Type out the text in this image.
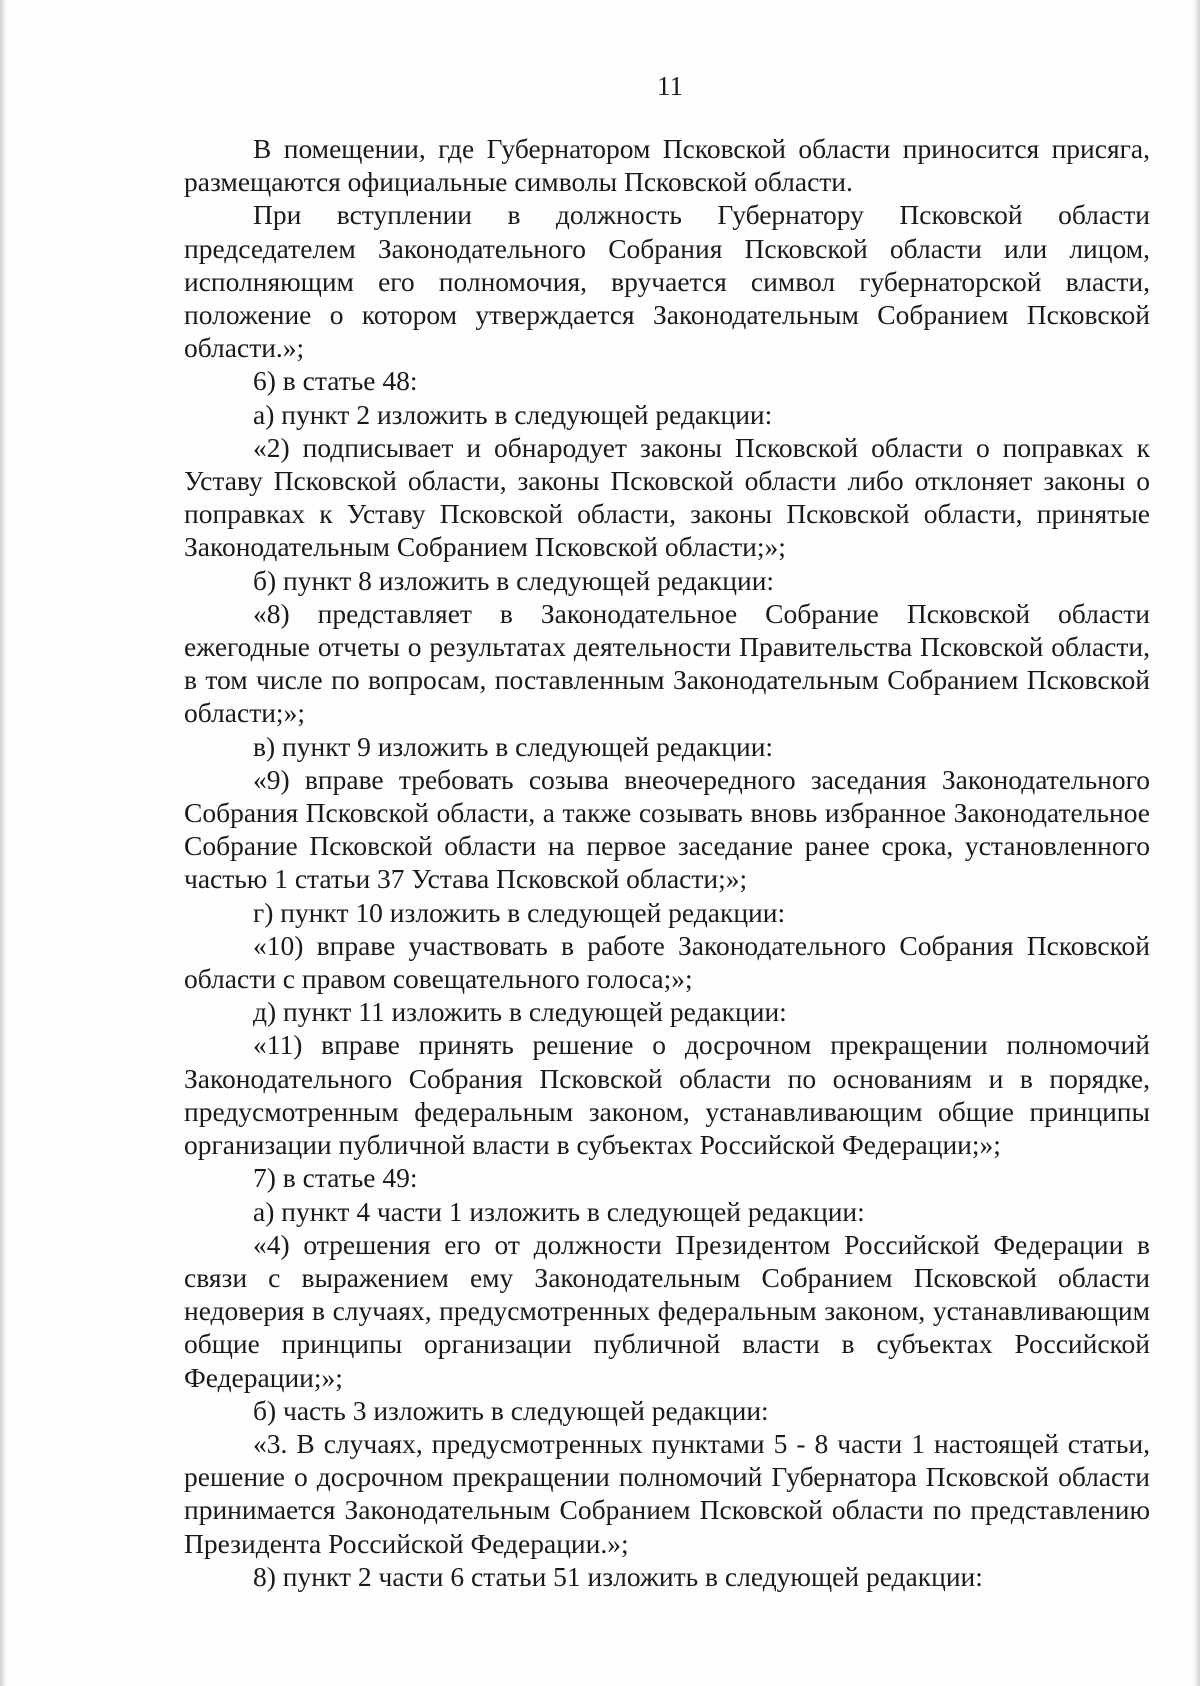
11

В помещении, где Губернатором Псковской области приносится присяга, размещаются официальные символы Псковской области.

При вступлении в должность Губернатору Псковской области председателем Законодательного Собрания Псковской области или лицом, исполняющим его полномочия, вручается символ губернаторской власти, положение о котором утверждается Законодательным Собранием Псковской области.»;

6) в статье 48:

а) пункт 2 изложить в следующей редакции:

«2) подписывает и обнародует законы Псковской области о поправках к Уставу Псковской области, законы Псковской области либо отклоняет законы о поправках к Уставу Псковской области, законы Псковской области, принятые Законодательным Собранием Псковской области;»;

б) пункт 8 изложить в следующей редакции:

«8) представляет в Законодательное Собрание Псковской области ежегодные отчеты о результатах деятельности Правительства Псковской области, в том числе по вопросам, поставленным Законодательным Собранием Псковской области;»;

в) пункт 9 изложить в следующей редакции:

«9) вправе требовать созыва внеочередного заседания Законодательного Собрания Псковской области, а также созывать вновь избранное Законодательное Собрание Псковской области на первое заседание ранее срока, установленного частью 1 статьи 37 Устава Псковской области;»;

г) пункт 10 изложить в следующей редакции:

«10) вправе участвовать в работе Законодательного Собрания Псковской области с правом совещательного голоса;»;

д) пункт 11 изложить в следующей редакции:

«11) вправе принять решение о досрочном прекращении полномочий Законодательного Собрания Псковской области по основаниям и в порядке, предусмотренным федеральным законом, устанавливающим общие принципы организации публичной власти в субъектах Российской Федерации;»;

7) в статье 49:

а) пункт 4 части 1 изложить в следующей редакции:

«4) отрешения его от должности Президентом Российской Федерации в связи с выражением ему Законодательным Собранием Псковской области недоверия в случаях, предусмотренных федеральным законом, устанавливающим общие принципы организации публичной власти в субъектах Российской Федерации;»;

б) часть 3 изложить в следующей редакции:

«3. В случаях, предусмотренных пунктами 5 - 8 части 1 настоящей статьи, решение о досрочном прекращении полномочий Губернатора Псковской области принимается Законодательным Собранием Псковской области по представлению Президента Российской Федерации.»;

8) пункт 2 части 6 статьи 51 изложить в следующей редакции:
